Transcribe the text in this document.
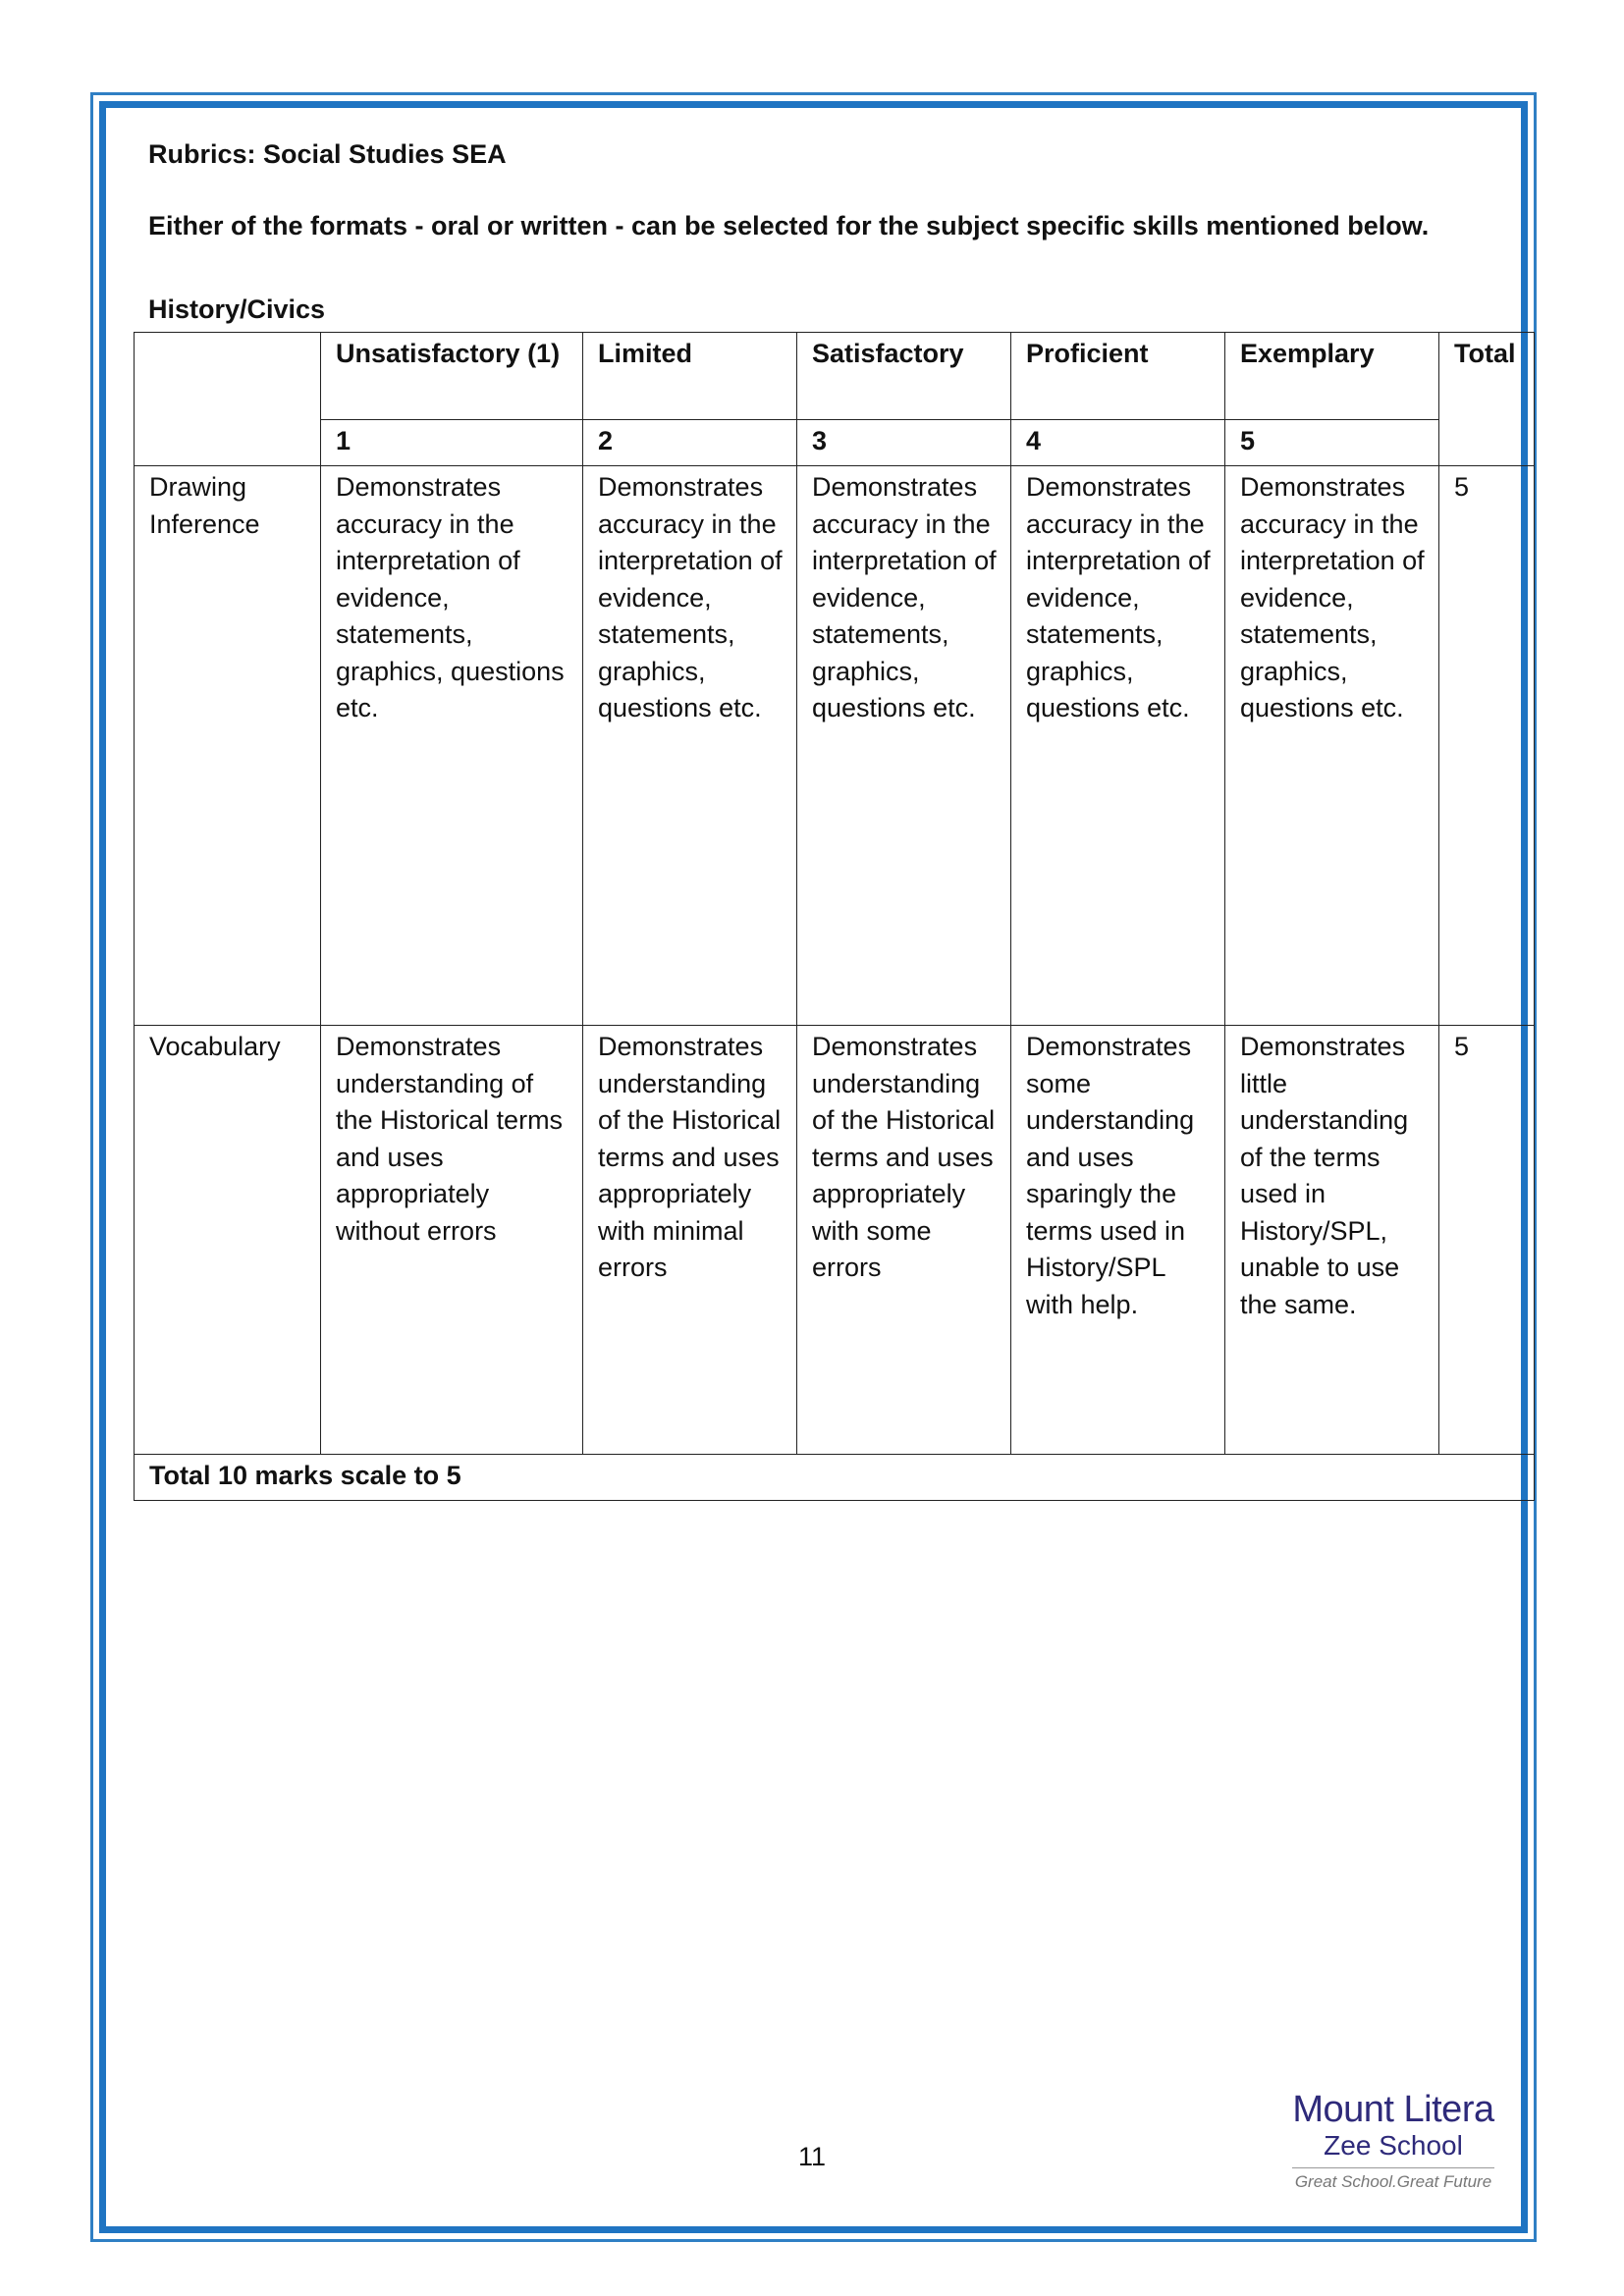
Rubrics: Social Studies SEA
Either of the formats - oral or written - can be selected for the subject specific skills mentioned below.
History/Civics
	Unsatisfactory (1)	Limited	Satisfactory	Proficient	Exemplary	Total
	1	2	3	4	5	
Drawing Inference	Demonstrates accuracy in the interpretation of evidence, statements, graphics, questions etc.	Demonstrates accuracy in the interpretation of evidence, statements, graphics, questions etc.	Demonstrates accuracy in the interpretation of evidence, statements, graphics, questions etc.	Demonstrates accuracy in the interpretation of evidence, statements, graphics, questions etc.	Demonstrates accuracy in the interpretation of evidence, statements, graphics, questions etc.	5
Vocabulary	Demonstrates understanding of the Historical terms and uses appropriately without errors	Demonstrates understanding of the Historical terms and uses appropriately with minimal errors	Demonstrates understanding of the Historical terms and uses appropriately with some errors	Demonstrates some understanding and uses sparingly the terms used in History/SPL with help.	Demonstrates little understanding of the terms used in History/SPL, unable to use the same.	5
Total 10 marks scale to 5						
11
Mount Litera
Zee School
Great School.Great Future
